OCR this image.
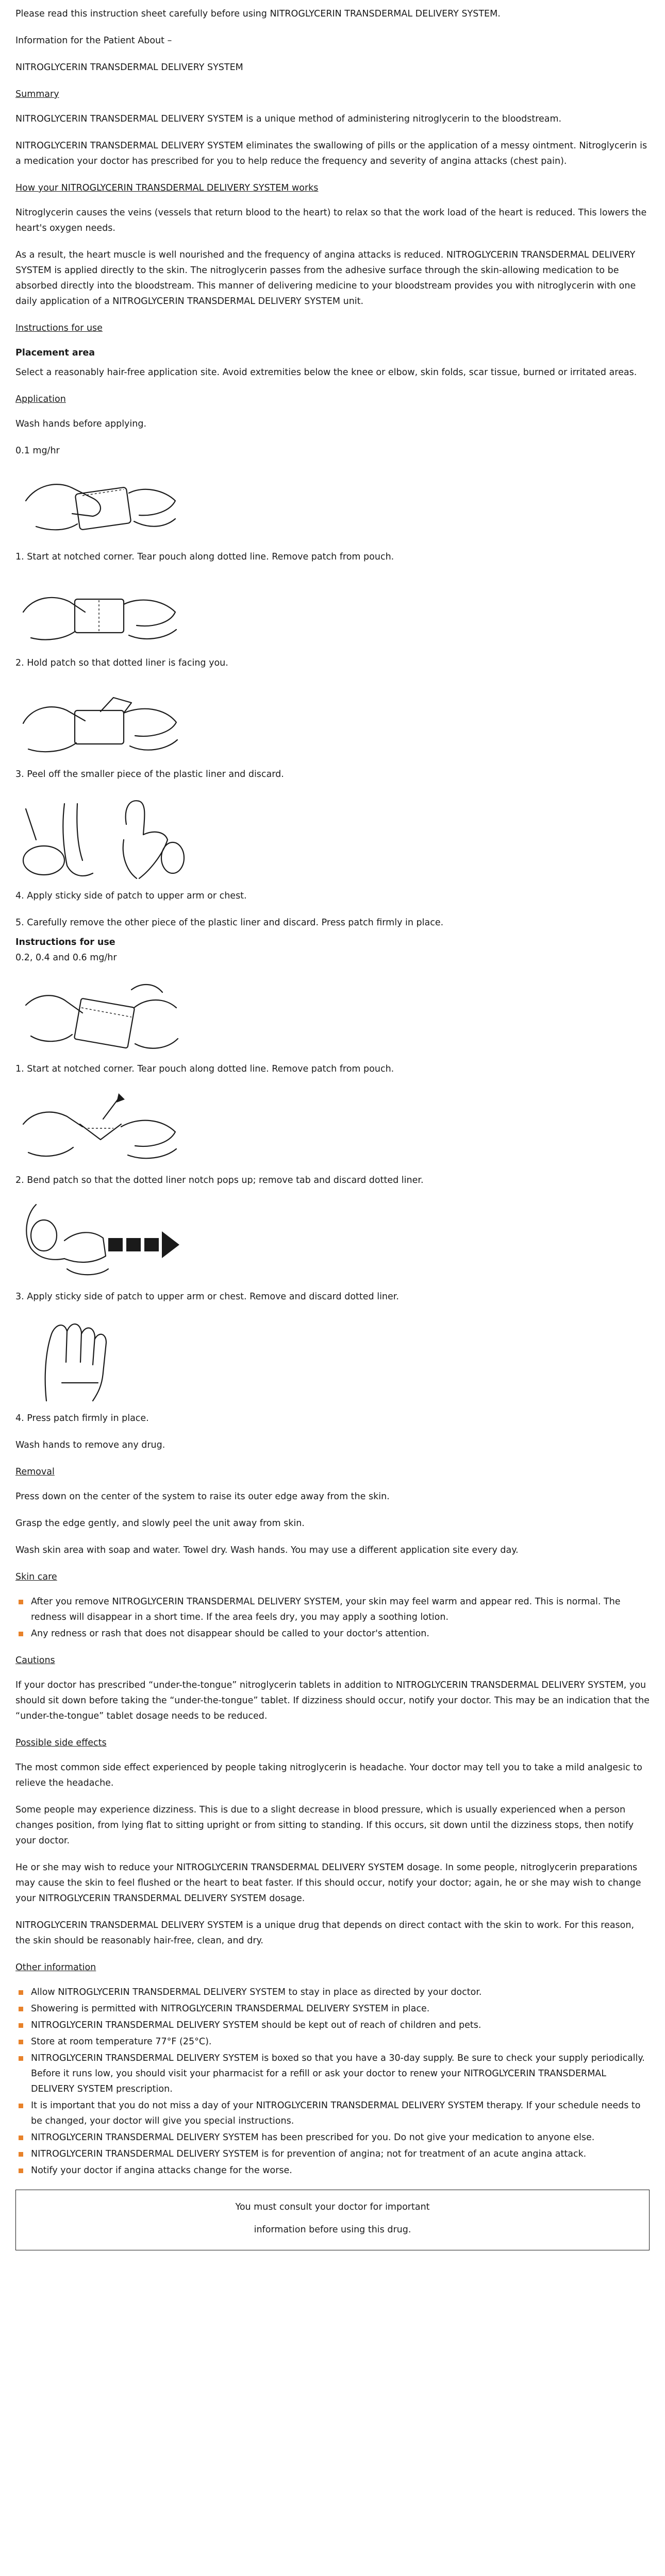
Please read this instruction sheet carefully before using NITROGLYCERIN TRANSDERMAL DELIVERY SYSTEM.

Information for the Patient About –

NITROGLYCERIN TRANSDERMAL DELIVERY SYSTEM

Summary

NITROGLYCERIN TRANSDERMAL DELIVERY SYSTEM is a unique method of administering nitroglycerin to the bloodstream.

NITROGLYCERIN TRANSDERMAL DELIVERY SYSTEM eliminates the swallowing of pills or the application of a messy ointment. Nitroglycerin is a medication your doctor has prescribed for you to help reduce the frequency and severity of angina attacks (chest pain).

How your NITROGLYCERIN TRANSDERMAL DELIVERY SYSTEM works

Nitroglycerin causes the veins (vessels that return blood to the heart) to relax so that the work load of the heart is reduced. This lowers the heart's oxygen needs.

As a result, the heart muscle is well nourished and the frequency of angina attacks is reduced. NITROGLYCERIN TRANSDERMAL DELIVERY SYSTEM is applied directly to the skin. The nitroglycerin passes from the adhesive surface through the skin-allowing medication to be absorbed directly into the bloodstream. This manner of delivering medicine to your bloodstream provides you with nitroglycerin with one daily application of a NITROGLYCERIN TRANSDERMAL DELIVERY SYSTEM unit.

Instructions for use

Placement area

Select a reasonably hair-free application site. Avoid extremities below the knee or elbow, skin folds, scar tissue, burned or irritated areas.

Application

Wash hands before applying.

0.1 mg/hr

1. Start at notched corner. Tear pouch along dotted line. Remove patch from pouch.

2. Hold patch so that dotted liner is facing you.

3. Peel off the smaller piece of the plastic liner and discard.

4. Apply sticky side of patch to upper arm or chest.

5. Carefully remove the other piece of the plastic liner and discard. Press patch firmly in place.

Instructions for use

0.2, 0.4 and 0.6 mg/hr

1. Start at notched corner. Tear pouch along dotted line. Remove patch from pouch.

2. Bend patch so that the dotted liner notch pops up; remove tab and discard dotted liner.

3. Apply sticky side of patch to upper arm or chest. Remove and discard dotted liner.

4. Press patch firmly in place.

Wash hands to remove any drug.

Removal

Press down on the center of the system to raise its outer edge away from the skin.

Grasp the edge gently, and slowly peel the unit away from skin.

Wash skin area with soap and water. Towel dry. Wash hands. You may use a different application site every day.

Skin care
After you remove NITROGLYCERIN TRANSDERMAL DELIVERY SYSTEM, your skin may feel warm and appear red. This is normal. The redness will disappear in a short time. If the area feels dry, you may apply a soothing lotion.
Any redness or rash that does not disappear should be called to your doctor's attention.
Cautions

If your doctor has prescribed “under-the-tongue” nitroglycerin tablets in addition to NITROGLYCERIN TRANSDERMAL DELIVERY SYSTEM, you should sit down before taking the “under-the-tongue” tablet. If dizziness should occur, notify your doctor. This may be an indication that the “under-the-tongue” tablet dosage needs to be reduced.

Possible side effects

The most common side effect experienced by people taking nitroglycerin is headache. Your doctor may tell you to take a mild analgesic to relieve the headache.

Some people may experience dizziness. This is due to a slight decrease in blood pressure, which is usually experienced when a person changes position, from lying flat to sitting upright or from sitting to standing. If this occurs, sit down until the dizziness stops, then notify your doctor.

He or she may wish to reduce your NITROGLYCERIN TRANSDERMAL DELIVERY SYSTEM dosage. In some people, nitroglycerin preparations may cause the skin to feel flushed or the heart to beat faster. If this should occur, notify your doctor; again, he or she may wish to change your NITROGLYCERIN TRANSDERMAL DELIVERY SYSTEM dosage.

NITROGLYCERIN TRANSDERMAL DELIVERY SYSTEM is a unique drug that depends on direct contact with the skin to work. For this reason, the skin should be reasonably hair-free, clean, and dry.

Other information
Allow NITROGLYCERIN TRANSDERMAL DELIVERY SYSTEM to stay in place as directed by your doctor.
Showering is permitted with NITROGLYCERIN TRANSDERMAL DELIVERY SYSTEM in place.
NITROGLYCERIN TRANSDERMAL DELIVERY SYSTEM should be kept out of reach of children and pets.
Store at room temperature 77°F (25°C).
NITROGLYCERIN TRANSDERMAL DELIVERY SYSTEM is boxed so that you have a 30-day supply. Be sure to check your supply periodically. Before it runs low, you should visit your pharmacist for a refill or ask your doctor to renew your NITROGLYCERIN TRANSDERMAL DELIVERY SYSTEM prescription.
It is important that you do not miss a day of your NITROGLYCERIN TRANSDERMAL DELIVERY SYSTEM therapy. If your schedule needs to be changed, your doctor will give you special instructions.
NITROGLYCERIN TRANSDERMAL DELIVERY SYSTEM has been prescribed for you. Do not give your medication to anyone else.
NITROGLYCERIN TRANSDERMAL DELIVERY SYSTEM is for prevention of angina; not for treatment of an acute angina attack.
Notify your doctor if angina attacks change for the worse.

You must consult your doctor for important

information before using this drug.
